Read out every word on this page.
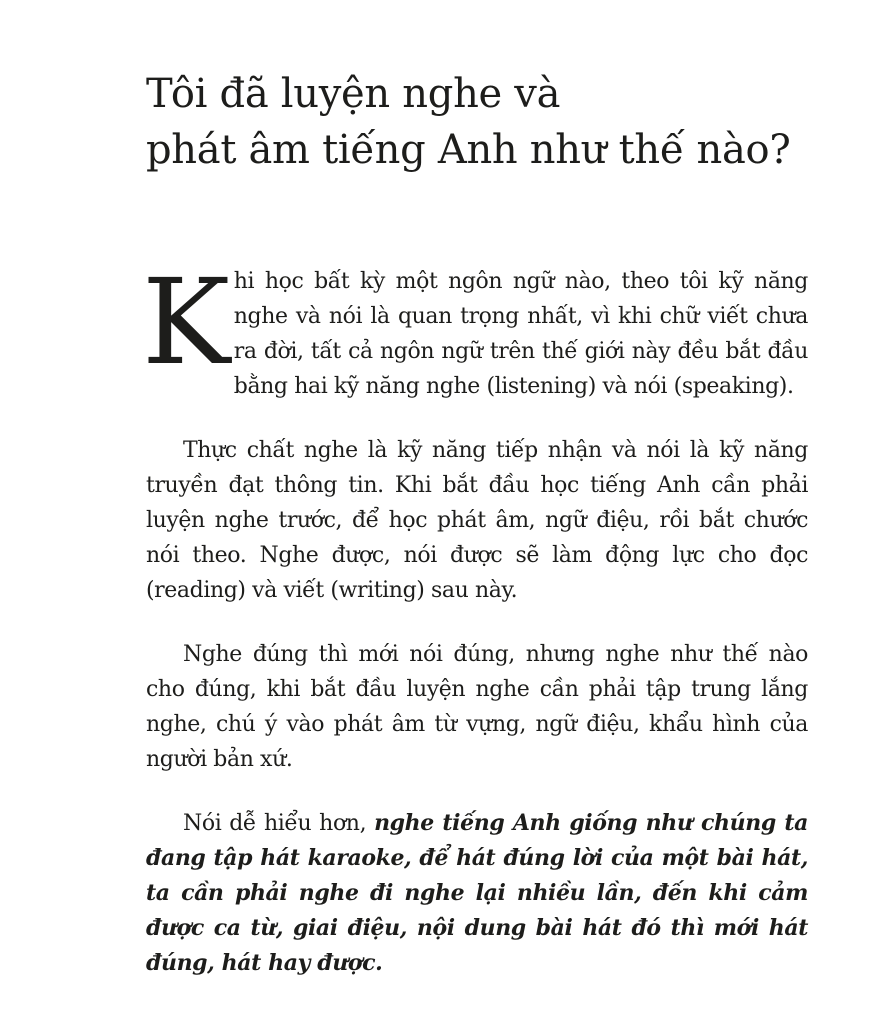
Tôi đã luyện nghe và
phát âm tiếng Anh như thế nào?

Khi học bất kỳ một ngôn ngữ nào, theo tôi kỹ năng nghe và nói là quan trọng nhất, vì khi chữ viết chưa ra đời, tất cả ngôn ngữ trên thế giới này đều bắt đầu bằng hai kỹ năng nghe (listening) và nói (speaking).

Thực chất nghe là kỹ năng tiếp nhận và nói là kỹ năng truyền đạt thông tin. Khi bắt đầu học tiếng Anh cần phải luyện nghe trước, để học phát âm, ngữ điệu, rồi bắt chước nói theo. Nghe được, nói được sẽ làm động lực cho đọc (reading) và viết (writing) sau này.

Nghe đúng thì mới nói đúng, nhưng nghe như thế nào cho đúng, khi bắt đầu luyện nghe cần phải tập trung lắng nghe, chú ý vào phát âm từ vựng, ngữ điệu, khẩu hình của người bản xứ.

Nói dễ hiểu hơn, nghe tiếng Anh giống như chúng ta đang tập hát karaoke, để hát đúng lời của một bài hát, ta cần phải nghe đi nghe lại nhiều lần, đến khi cảm được ca từ, giai điệu, nội dung bài hát đó thì mới hát đúng, hát hay được.
